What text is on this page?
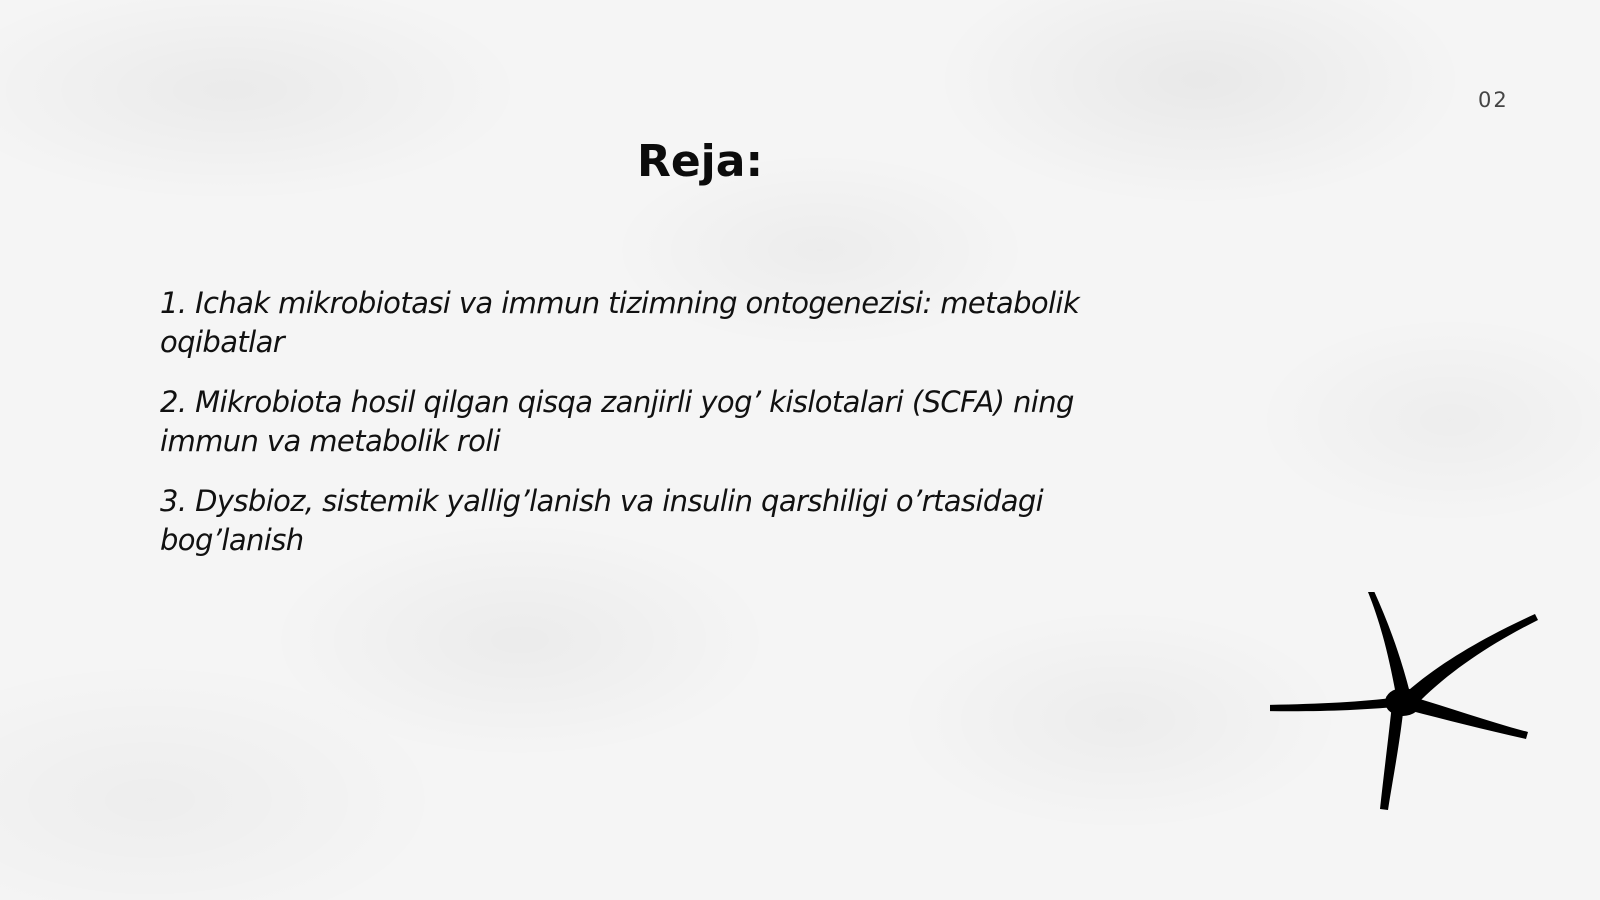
02
Reja:
1. Ichak mikrobiotasi va immun tizimning ontogenezisi: metabolik oqibatlar
2. Mikrobiota hosil qilgan qisqa zanjirli yog’ kislotalari (SCFA) ning immun va metabolik roli
3. Dysbioz, sistemik yallig’lanish va insulin qarshiligi o’rtasidagi bog’lanish
